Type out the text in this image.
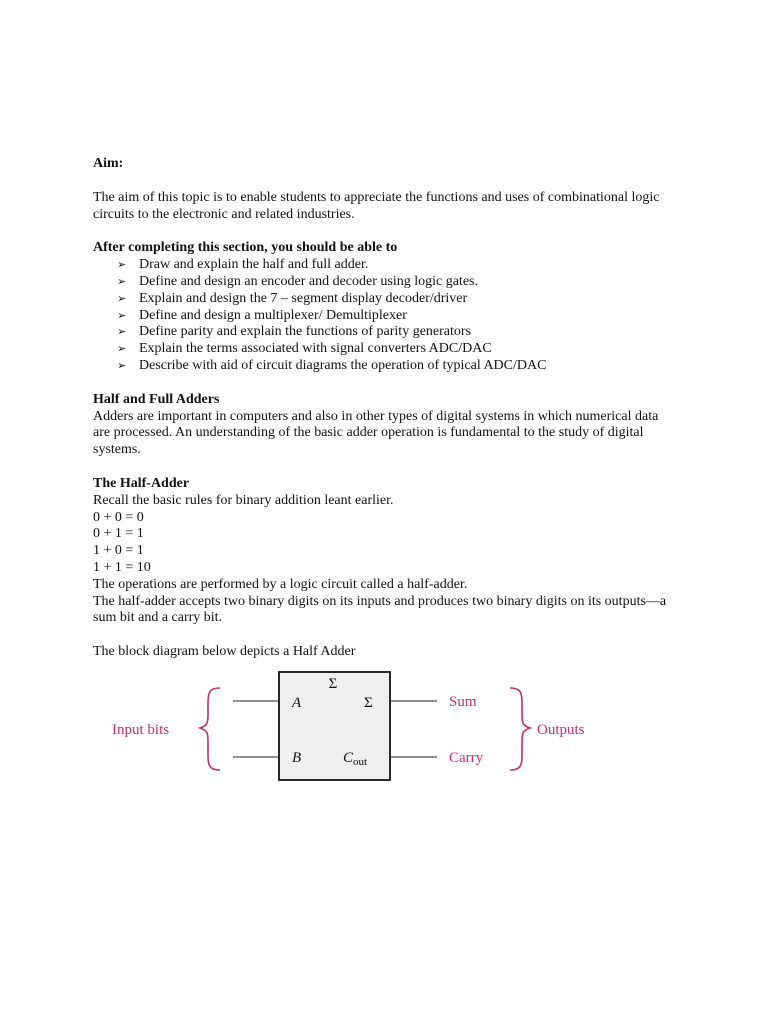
Aim:

The aim of this topic is to enable students to appreciate the functions and uses of combinational logic circuits to the electronic and related industries.

After completing this section, you should be able to

➢ Draw and explain the half and full adder.
➢ Define and design an encoder and decoder using logic gates.
➢ Explain and design the 7 – segment display decoder/driver
➢ Define and design a multiplexer/ Demultiplexer
➢ Define parity and explain the functions of parity generators
➢ Explain the terms associated with signal converters ADC/DAC
➢ Describe with aid of circuit diagrams the operation of typical ADC/DAC

Half and Full Adders

Adders are important in computers and also in other types of digital systems in which numerical data are processed. An understanding of the basic adder operation is fundamental to the study of digital systems.

The Half-Adder

Recall the basic rules for binary addition leant earlier.

0 + 0 = 0

0 + 1 = 1

1 + 0 = 1

1 + 1 = 10

The operations are performed by a logic circuit called a half-adder.

The half-adder accepts two binary digits on its inputs and produces two binary digits on its outputs—a sum bit and a carry bit.

The block diagram below depicts a Half Adder

Σ
A	Σ
B	$C_{out}$
Input bits
Sum
Carry
Outputs
